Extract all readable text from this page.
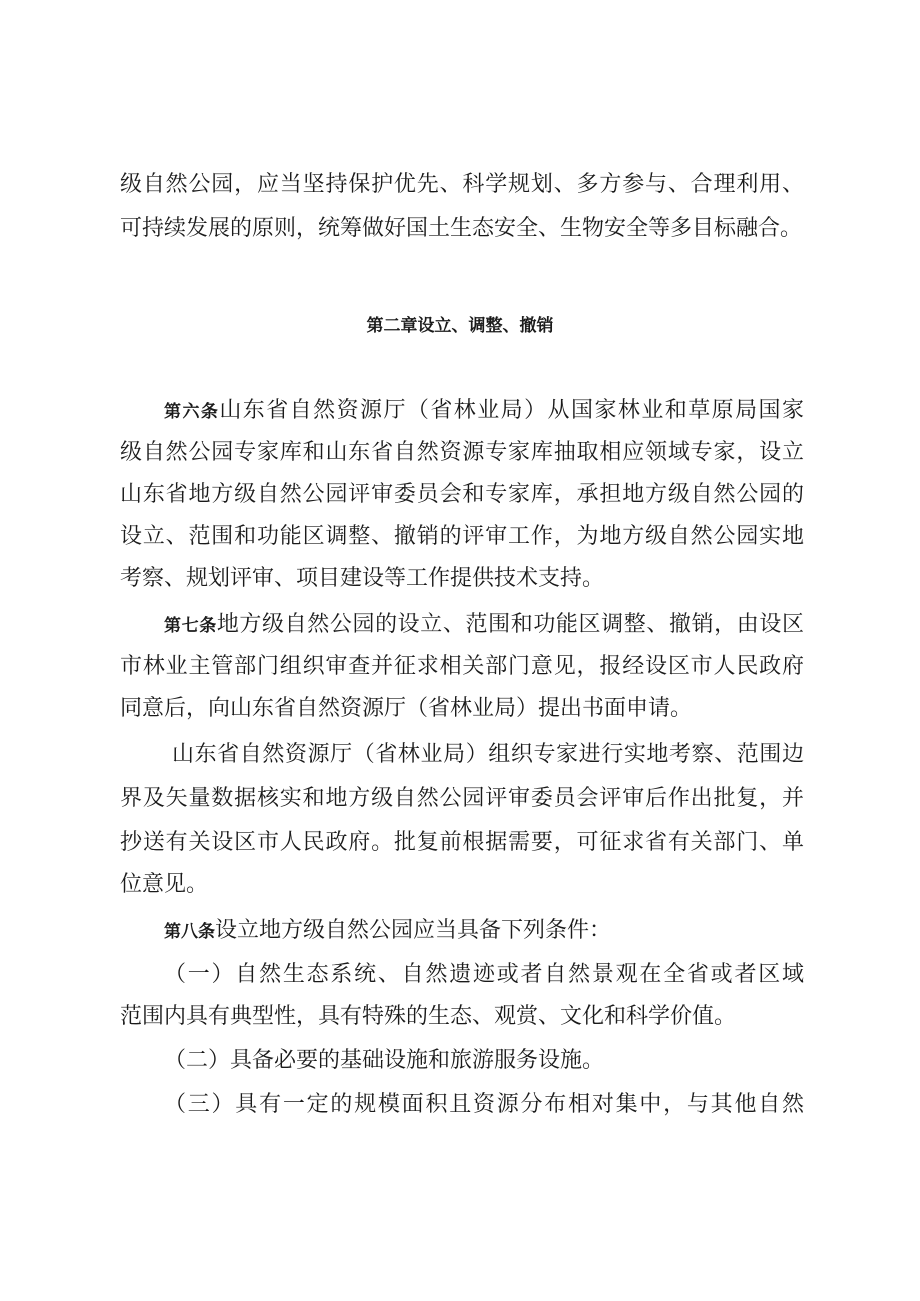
级自然公园，应当坚持保护优先、科学规划、多方参与、合理利用、
可持续发展的原则，统筹做好国土生态安全、生物安全等多目标融合。
第二章设立、调整、撤销
第六条山东省自然资源厅（省林业局）从国家林业和草原局国家
级自然公园专家库和山东省自然资源专家库抽取相应领域专家，设立
山东省地方级自然公园评审委员会和专家库，承担地方级自然公园的
设立、范围和功能区调整、撤销的评审工作，为地方级自然公园实地
考察、规划评审、项目建设等工作提供技术支持。
第七条地方级自然公园的设立、范围和功能区调整、撤销，由设区
市林业主管部门组织审查并征求相关部门意见，报经设区市人民政府
同意后，向山东省自然资源厅（省林业局）提出书面申请。
山东省自然资源厅（省林业局）组织专家进行实地考察、范围边
界及矢量数据核实和地方级自然公园评审委员会评审后作出批复，并
抄送有关设区市人民政府。批复前根据需要，可征求省有关部门、单
位意见。
第八条设立地方级自然公园应当具备下列条件：
（一）自然生态系统、自然遗迹或者自然景观在全省或者区域
范围内具有典型性，具有特殊的生态、观赏、文化和科学价值。
（二）具备必要的基础设施和旅游服务设施。
（三）具有一定的规模面积且资源分布相对集中，与其他自然
